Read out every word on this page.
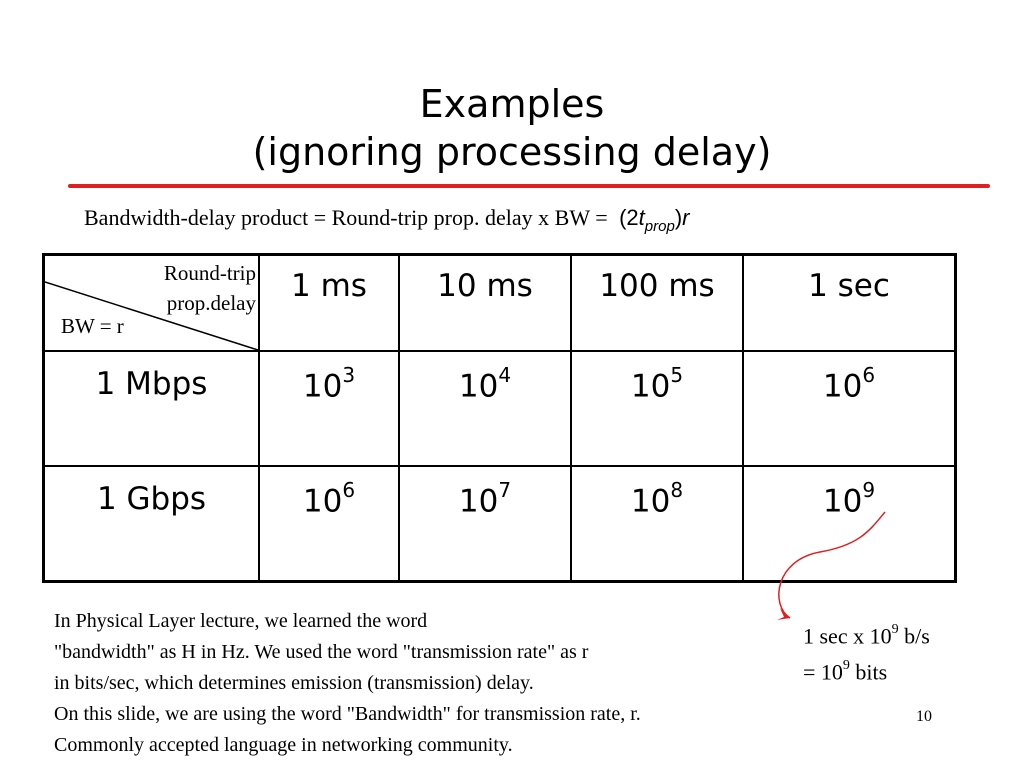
Examples
(ignoring processing delay)
Bandwidth-delay product = Round-trip prop. delay x BW = $(2t_{prop})r$
Round-trip
prop.delay
BW = r	1 ms	10 ms	100 ms	1 sec

1 Mbps	$10^3$	$10^4$	$10^5$	$10^6$

1 Gbps	$10^6$	$10^7$	$10^8$	$10^9$
In Physical Layer lecture, we learned the word
"bandwidth" as H in Hz. We used the word "transmission rate" as r
in bits/sec, which determines emission (transmission) delay.
On this slide, we are using the word "Bandwidth" for transmission rate, r.
Commonly accepted language in networking community.
1 sec x $10^9$ b/s
= $10^9$ bits
10
